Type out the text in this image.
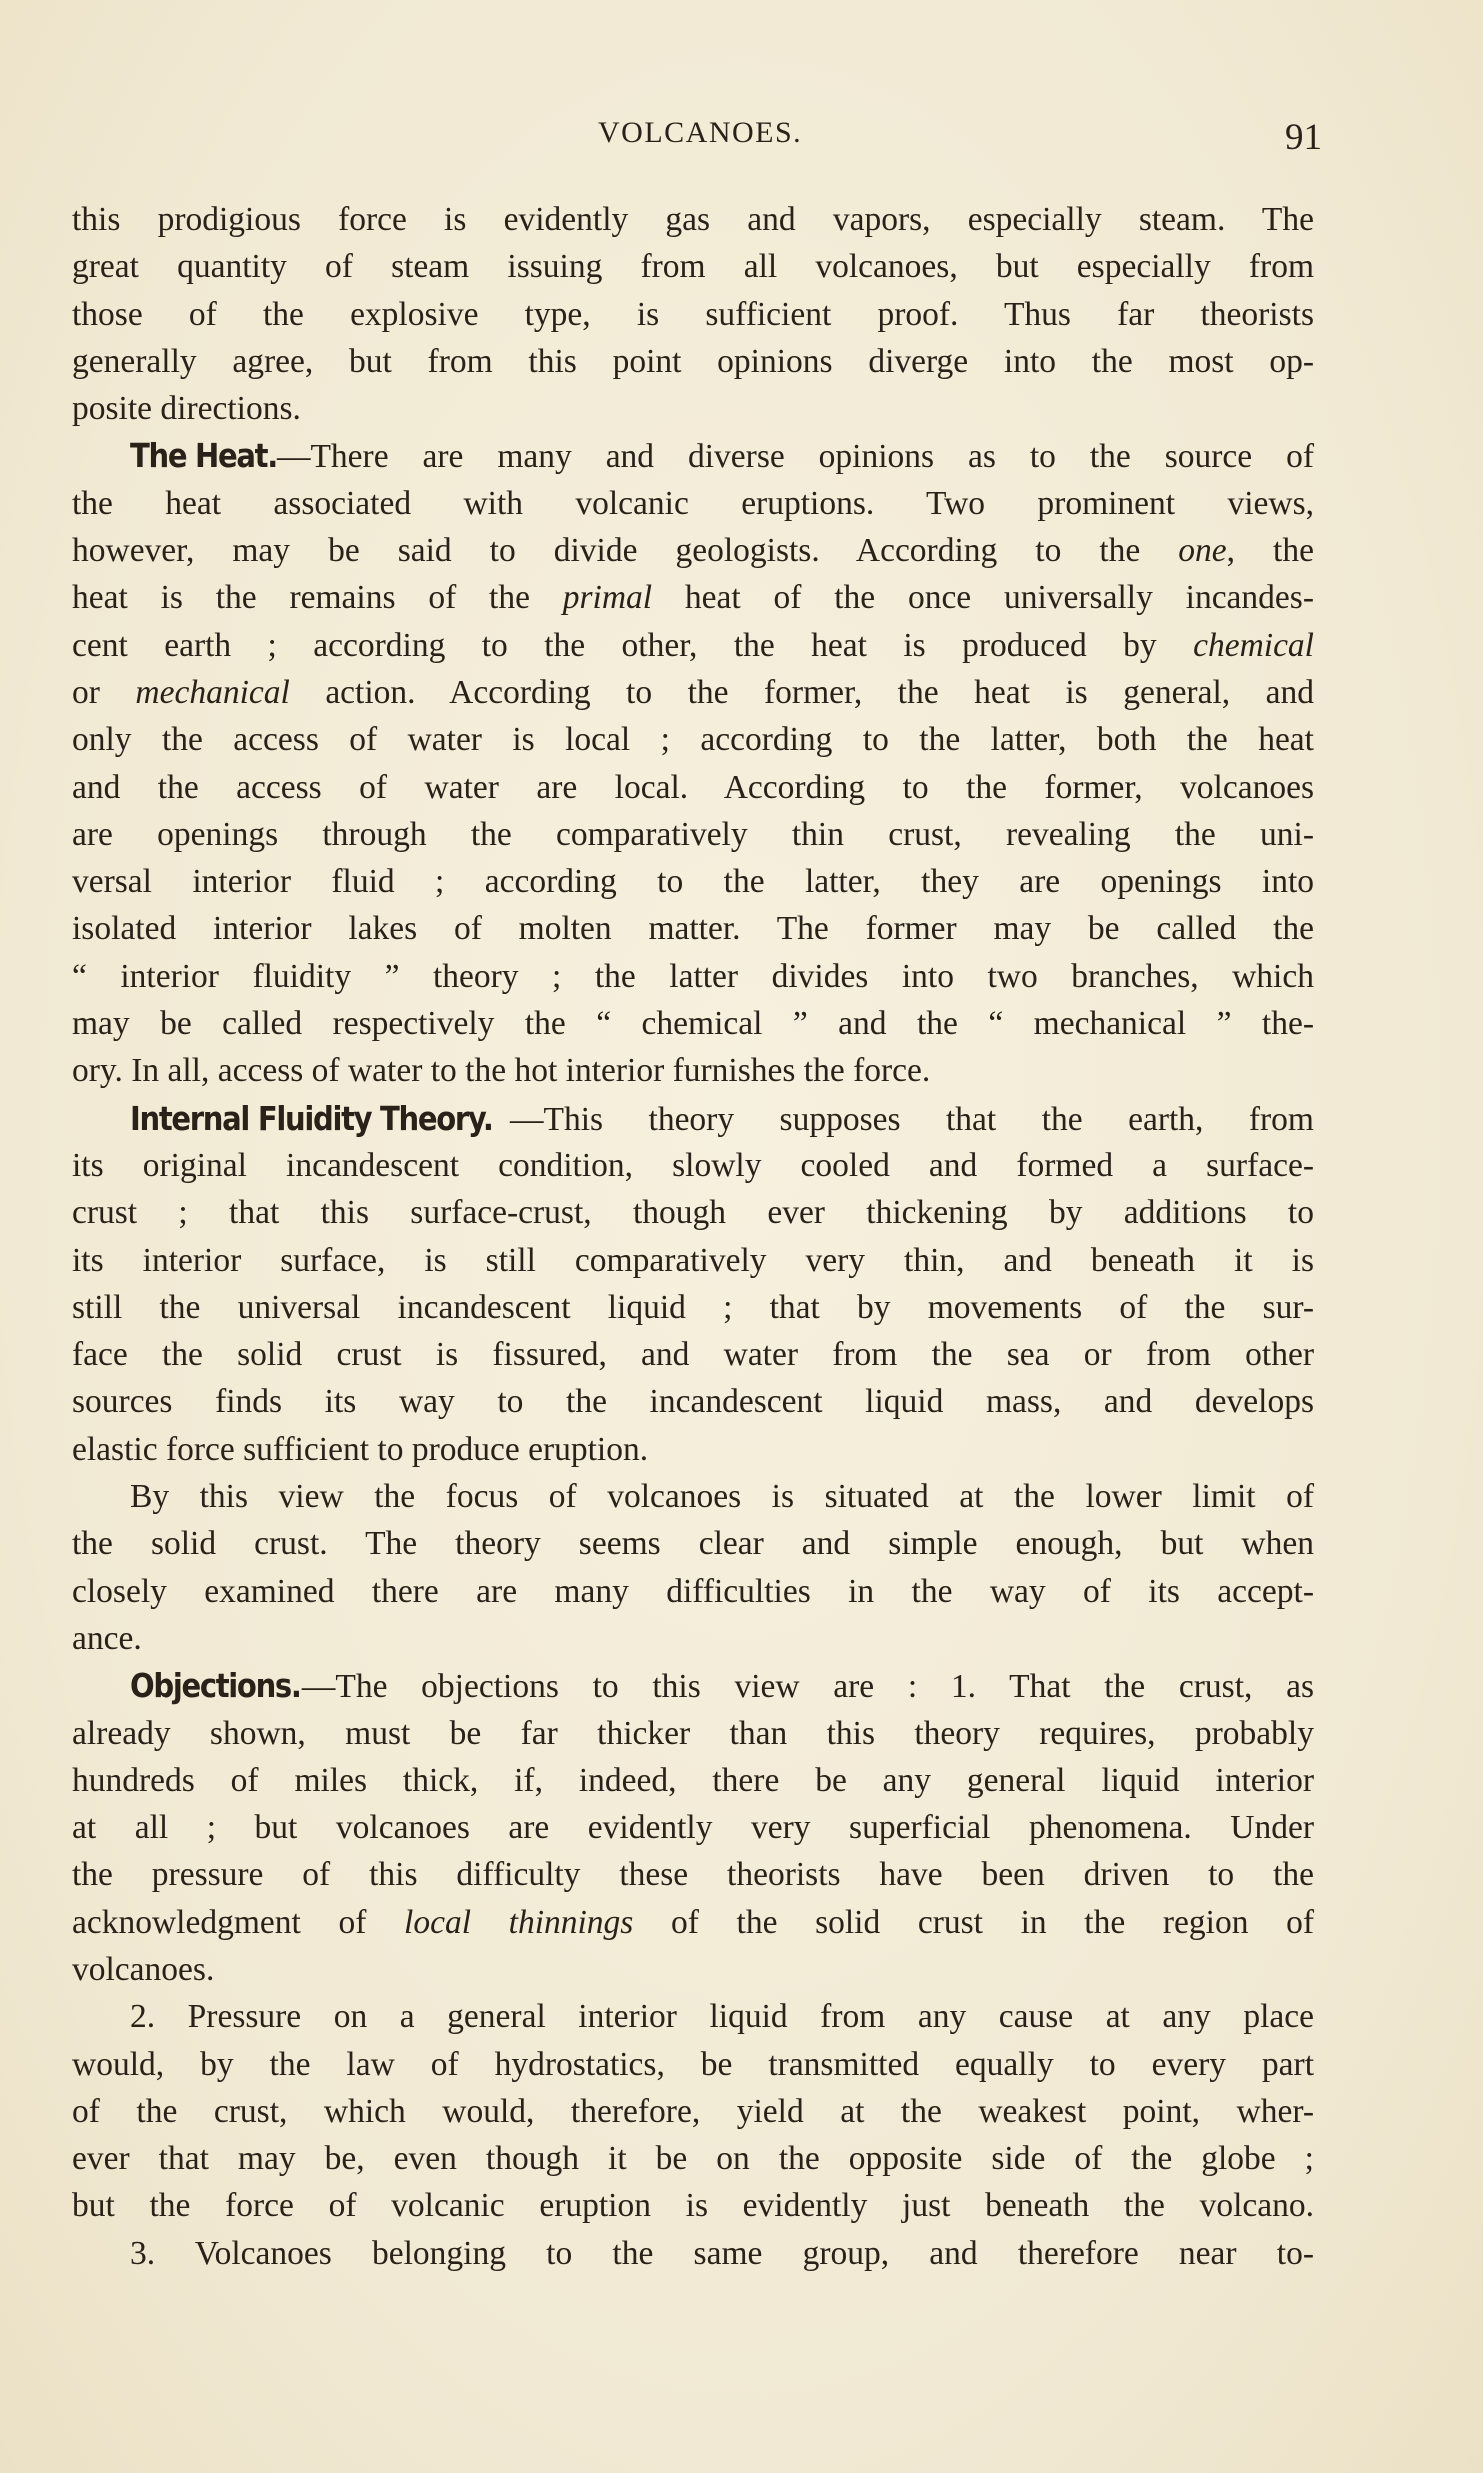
VOLCANOES.	91
this prodigious force is evidently gas and vapors, especially steam. The
great quantity of steam issuing from all volcanoes, but especially from
those of the explosive type, is sufficient proof. Thus far theorists
generally agree, but from this point opinions diverge into the most op-
posite directions.
The Heat.—There are many and diverse opinions as to the source of
the heat associated with volcanic eruptions. Two prominent views,
however, may be said to divide geologists. According to the one, the
heat is the remains of the primal heat of the once universally incandes-
cent earth ; according to the other, the heat is produced by chemical
or mechanical action. According to the former, the heat is general, and
only the access of water is local ; according to the latter, both the heat
and the access of water are local. According to the former, volcanoes
are openings through the comparatively thin crust, revealing the uni-
versal interior fluid ; according to the latter, they are openings into
isolated interior lakes of molten matter. The former may be called the
“ interior fluidity ” theory ; the latter divides into two branches, which
may be called respectively the “ chemical ” and the “ mechanical ” the-
ory. In all, access of water to the hot interior furnishes the force.
Internal Fluidity Theory. —This theory supposes that the earth, from
its original incandescent condition, slowly cooled and formed a surface-
crust ; that this surface-crust, though ever thickening by additions to
its interior surface, is still comparatively very thin, and beneath it is
still the universal incandescent liquid ; that by movements of the sur-
face the solid crust is fissured, and water from the sea or from other
sources finds its way to the incandescent liquid mass, and develops
elastic force sufficient to produce eruption.
By this view the focus of volcanoes is situated at the lower limit of
the solid crust. The theory seems clear and simple enough, but when
closely examined there are many difficulties in the way of its accept-
ance.
Objections.—The objections to this view are : 1. That the crust, as
already shown, must be far thicker than this theory requires, probably
hundreds of miles thick, if, indeed, there be any general liquid interior
at all ; but volcanoes are evidently very superficial phenomena. Under
the pressure of this difficulty these theorists have been driven to the
acknowledgment of local thinnings of the solid crust in the region of
volcanoes.
2. Pressure on a general interior liquid from any cause at any place
would, by the law of hydrostatics, be transmitted equally to every part
of the crust, which would, therefore, yield at the weakest point, wher-
ever that may be, even though it be on the opposite side of the globe ;
but the force of volcanic eruption is evidently just beneath the volcano.
3. Volcanoes belonging to the same group, and therefore near to-
